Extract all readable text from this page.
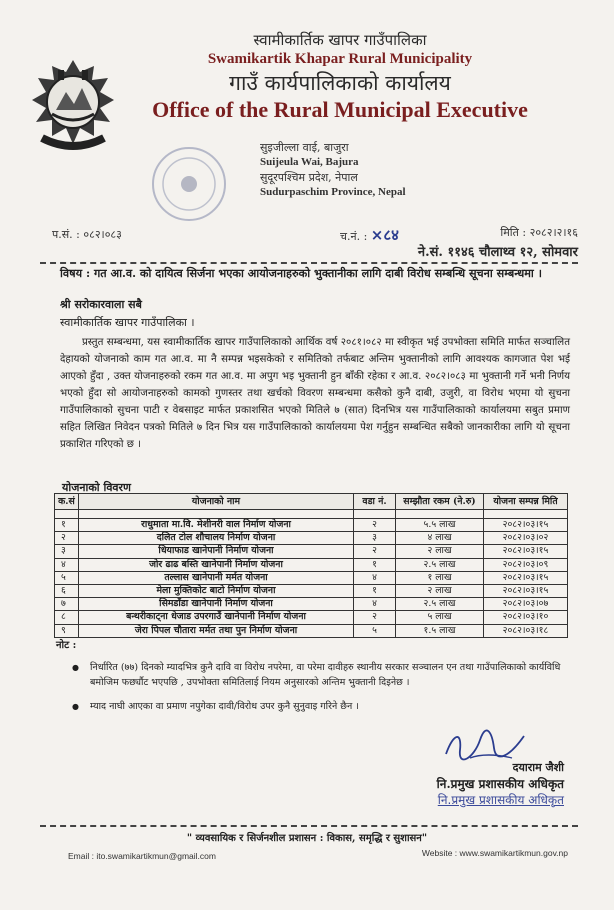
स्वामीकार्तिक खापर गाउँपालिका
Swamikartik Khapar Rural Municipality
गाउँ कार्यपालिकाको कार्यालय
Office of the Rural Municipal Executive
सुइजील्ला वाई, बाजुरा
Suijeula Wai, Bajura
सुदूरपश्चिम प्रदेश, नेपाल
Sudurpaschim Province, Nepal
प.सं. : ०८२।०८३	च.नं. : ×८४	मिति : २०८२।२।१६
ने.सं. ११४६ चौलाथ्व १२, सोमवार
विषय : गत आ.व. को दायित्व सिर्जना भएका आयोजनाहरुको भुक्तानीका लागि दाबी विरोध सम्बन्धि सूचना सम्बन्धमा ।
श्री सरोकारवाला सबै
स्वामीकार्तिक खापर गाउँपालिका ।
प्रस्तुत सम्बन्धमा, यस स्वामीकार्तिक खापर गाउँपालिकाको आर्थिक वर्ष २०८१।०८२ मा स्वीकृत भई उपभोक्ता समिति मार्फत सञ्चालित देहायको योजनाको काम गत आ.व. मा नै सम्पन्न भइसकेको र समितिको तर्फबाट अन्तिम भुक्तानीको लागि आवश्यक कागजात पेश भई आएको हुँदा , उक्त योजनाहरुको रकम गत आ.व. मा अपुग भइ भुक्तानी हुन बाँकी रहेका र आ.व. २०८२।०८३ मा भुक्तानी गर्ने भनी निर्णय भएको हुँदा सो आयोजनाहरुको कामको गुणस्तर तथा खर्चको विवरण सम्बन्धमा कसैको कुनै दाबी, उजुरी, वा विरोध भएमा यो सुचना गाउँपालिकाको सुचना पाटी र वेबसाइट मार्फत प्रकाशसित भएको मितिले ७ (सात) दिनभित्र यस गाउँपालिकाको कार्यालयमा सबुत प्रमाण सहित लिखित निवेदन पत्रको मितिले ७ दिन भित्र यस गाउँपालिकाको कार्यालयमा पेश गर्नुहुन सम्बन्धित सबैको जानकारीका लागि यो सूचना प्रकाशित गरिएको छ ।
योजनाको विवरण
क.सं	योजनाको नाम	वडा नं.	सम्झौता रकम (ने.रु)	योजना सम्पन्न मिति

१	राधुमाता मा.वि. मेशीनरी वाल निर्माण योजना	२	५.५ लाख	२०८२।०३।१५
२	दलित टोल शौचालय निर्माण योजना	३	४ लाख	२०८२।०३।०२
३	धियाफाड खानेपानी निर्माण योजना	२	२ लाख	२०८२।०३।१५
४	जोर ढाढ बस्ति खानेपानी निर्माण योजना	१	२.५ लाख	२०८२।०३।०९
५	तल्लास खानेपानी मर्मत योजना	४	१ लाख	२०८२।०३।१५
६	मेला मुक्तिकोट बाटो निर्माण योजना	१	२ लाख	२०८२।०३।१५
७	सिमडाँडा खानेपानी निर्माण योजना	४	२.५ लाख	२०८२।०३।०७
८	बन्थरीकाट्ना धेजाड उपरगाउँ खानेपानी निर्माण योजना	२	५ लाख	२०८२।०३।१०
९	जेरा पिपल चौतारा मर्मत तथा पुन निर्माण योजना	५	१.५ लाख	२०८२।०३।१८
नोट :
● निर्धारित (७७) दिनको म्यादभित्र कुनै दावि वा विरोध नपरेमा, वा परेमा दावीहरु स्थानीय सरकार सञ्चालन एन तथा गाउँपालिकाको कार्यविधि बमोजिम फर्छ्यौट भएपछि , उपभोक्ता समितिलाई नियम अनुसारको अन्तिम भुक्तानी दिइनेछ ।
● म्याद नाघी आएका वा प्रमाण नपुगेका दावी/विरोध उपर कुनै सुनुवाइ गरिने छैन ।
दयाराम जैशी
नि.प्रमुख प्रशासकीय अधिकृत
नि.प्रमुख प्रशासकीय अधिकृत
" व्यवसायिक र सिर्जनशील प्रशासन : विकास, समृद्धि र सुशासन"
Email : ito.swamikartikmun@gmail.com	Website : www.swamikartikmun.gov.np
